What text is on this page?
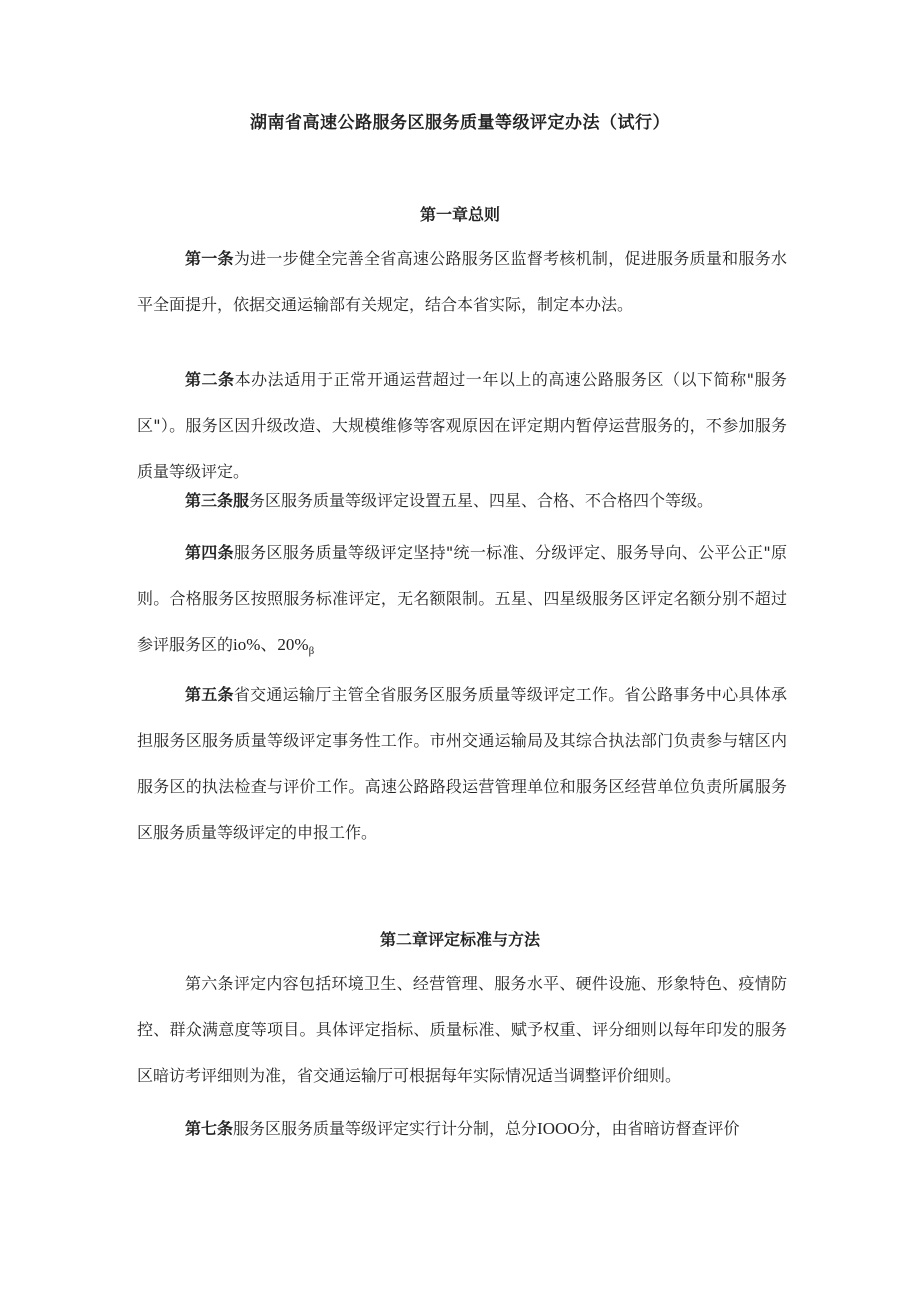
湖南省高速公路服务区服务质量等级评定办法（试行）
第一章总则

第一条为进一步健全完善全省高速公路服务区监督考核机制，促进服务质量和服务水平全面提升，依据交通运输部有关规定，结合本省实际，制定本办法。

第二条本办法适用于正常开通运营超过一年以上的高速公路服务区（以下简称"服务区"）。服务区因升级改造、大规模维修等客观原因在评定期内暂停运营服务的，不参加服务质量等级评定。

第三条服务区服务质量等级评定设置五星、四星、合格、不合格四个等级。

第四条服务区服务质量等级评定坚持"统一标准、分级评定、服务导向、公平公正"原则。合格服务区按照服务标准评定，无名额限制。五星、四星级服务区评定名额分别不超过参评服务区的io%、$20\%_\beta$

第五条省交通运输厅主管全省服务区服务质量等级评定工作。省公路事务中心具体承担服务区服务质量等级评定事务性工作。市州交通运输局及其综合执法部门负责参与辖区内服务区的执法检查与评价工作。高速公路路段运营管理单位和服务区经营单位负责所属服务区服务质量等级评定的申报工作。

第二章评定标准与方法

第六条评定内容包括环境卫生、经营管理、服务水平、硬件设施、形象特色、疫情防控、群众满意度等项目。具体评定指标、质量标准、赋予权重、评分细则以每年印发的服务区暗访考评细则为准，省交通运输厅可根据每年实际情况适当调整评价细则。

第七条服务区服务质量等级评定实行计分制，总分IOOO分，由省暗访督查评价
